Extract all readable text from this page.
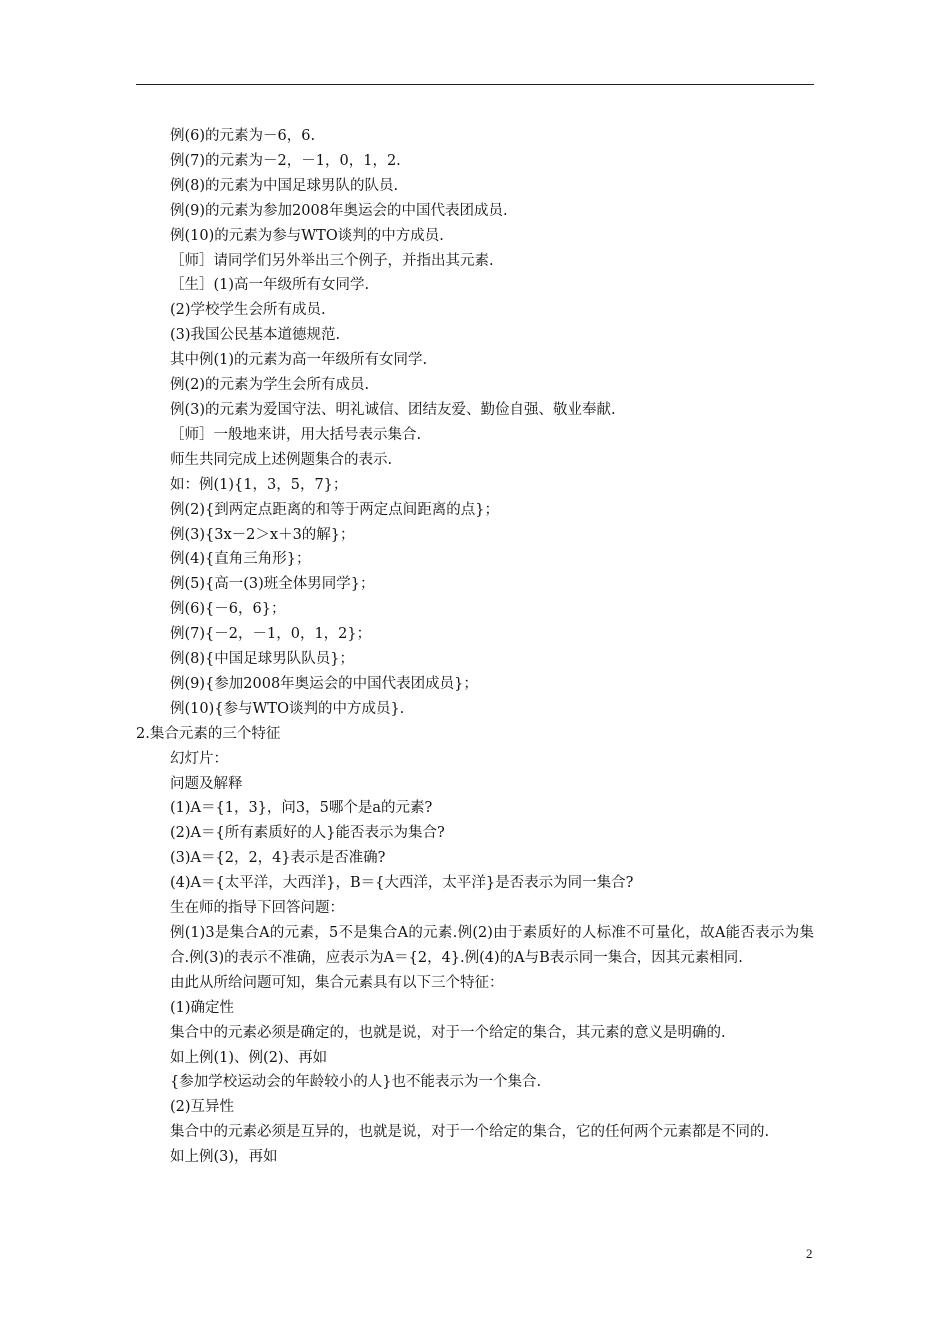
例(6)的元素为－6，6.
例(7)的元素为－2，－1，0，1，2.
例(8)的元素为中国足球男队的队员.
例(9)的元素为参加2008年奥运会的中国代表团成员.
例(10)的元素为参与WTO谈判的中方成员.
［师］请同学们另外举出三个例子，并指出其元素.
［生］(1)高一年级所有女同学.
(2)学校学生会所有成员.
(3)我国公民基本道德规范.
其中例(1)的元素为高一年级所有女同学.
例(2)的元素为学生会所有成员.
例(3)的元素为爱国守法、明礼诚信、团结友爱、勤俭自强、敬业奉献.
［师］一般地来讲，用大括号表示集合.
师生共同完成上述例题集合的表示.
如：例(1){1，3，5，7}；
例(2){到两定点距离的和等于两定点间距离的点}；
例(3){3x－2＞x＋3的解}；
例(4){直角三角形}；
例(5){高一(3)班全体男同学}；
例(6){－6，6}；
例(7){－2，－1，0，1，2}；
例(8){中国足球男队队员}；
例(9){参加2008年奥运会的中国代表团成员}；
例(10){参与WTO谈判的中方成员}.
2.集合元素的三个特征
幻灯片：
问题及解释
(1)A＝{1，3}，问3，5哪个是a的元素?
(2)A＝{所有素质好的人}能否表示为集合?
(3)A＝{2，2，4}表示是否准确?
(4)A＝{太平洋，大西洋}，B＝{大西洋，太平洋}是否表示为同一集合?
生在师的指导下回答问题：
例(1)3是集合A的元素，5不是集合A的元素.例(2)由于素质好的人标准不可量化，故A能否表示为集合.例(3)的表示不准确，应表示为A＝{2，4}.例(4)的A与B表示同一集合，因其元素相同.
由此从所给问题可知，集合元素具有以下三个特征：
(1)确定性
集合中的元素必须是确定的，也就是说，对于一个给定的集合，其元素的意义是明确的.
如上例(1)、例(2)、再如
{参加学校运动会的年龄较小的人}也不能表示为一个集合.
(2)互异性
集合中的元素必须是互异的，也就是说，对于一个给定的集合，它的任何两个元素都是不同的.
如上例(3)，再如
2
